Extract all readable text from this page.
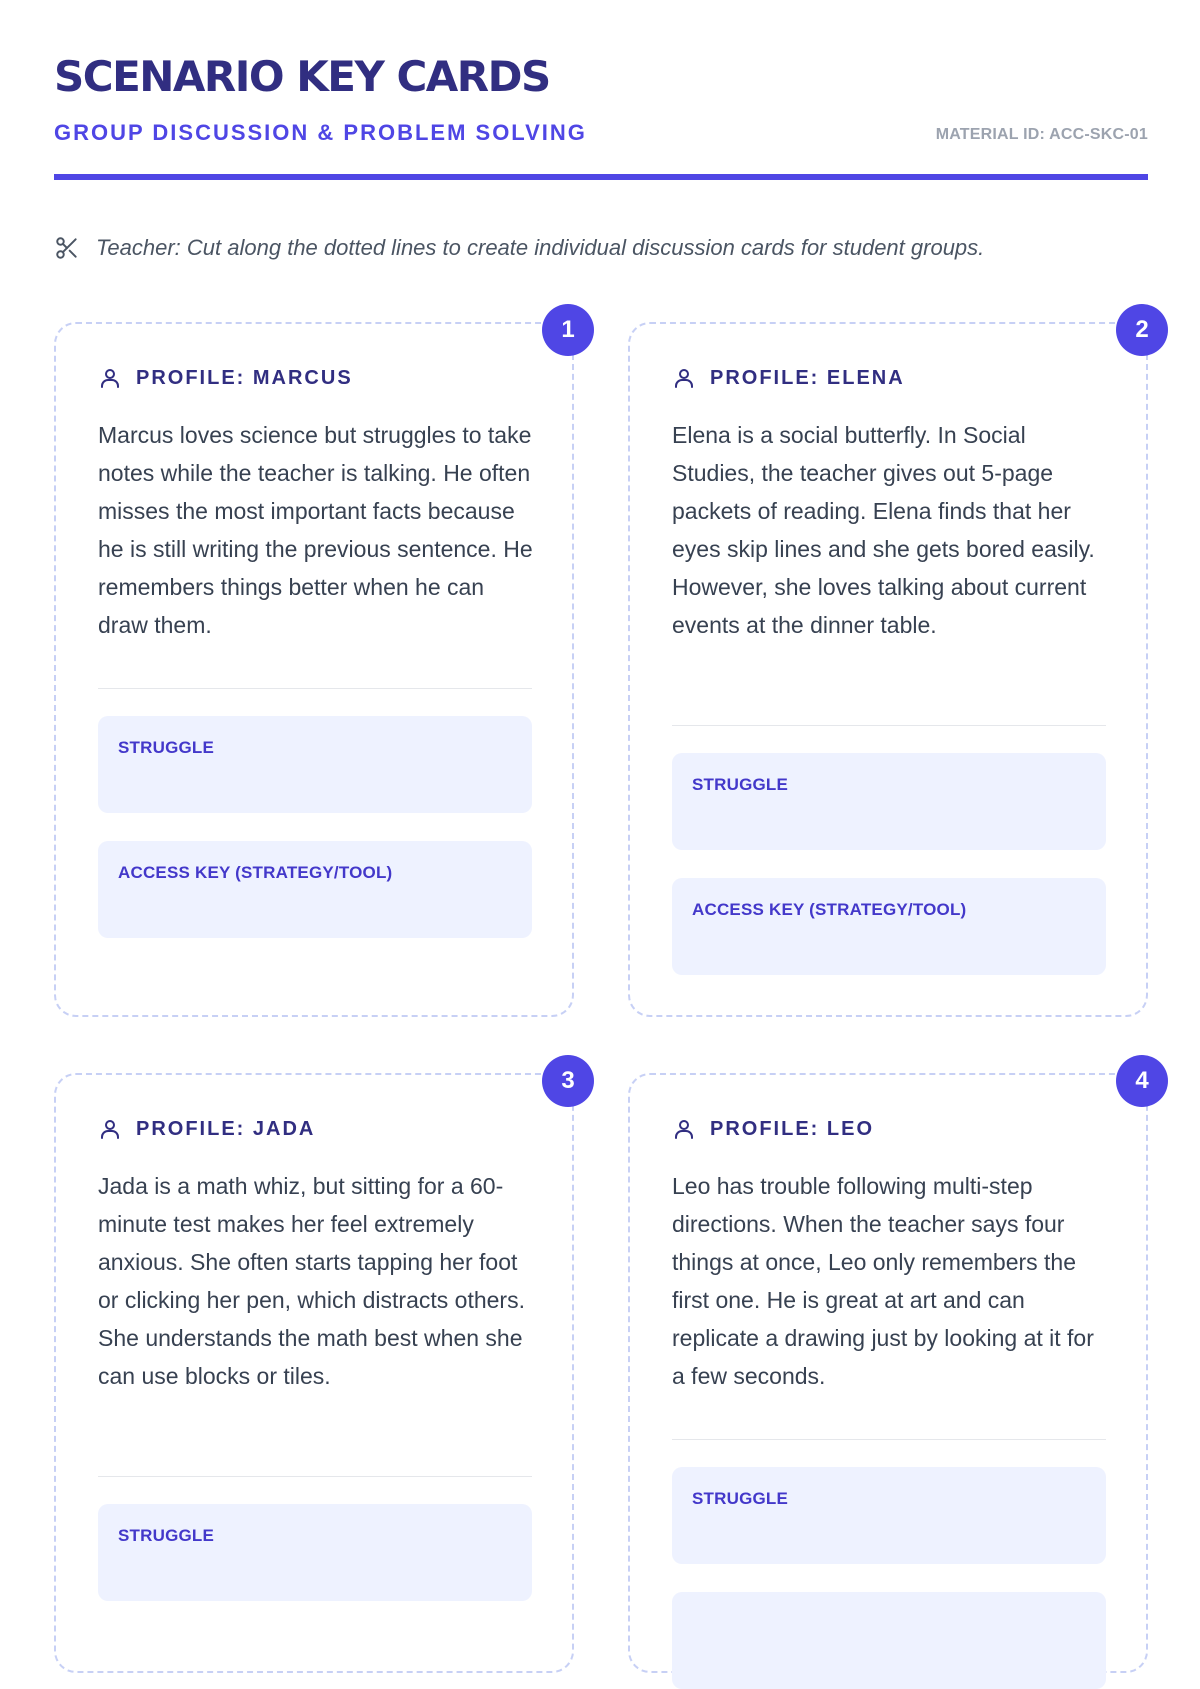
SCENARIO KEY CARDS
GROUP DISCUSSION & PROBLEM SOLVING	MATERIAL ID: ACC-SKC-01
Teacher: Cut along the dotted lines to create individual discussion cards for student groups.
1
PROFILE: MARCUS

Marcus loves science but struggles to take notes while the teacher is talking. He often misses the most important facts because he is still writing the previous sentence. He remembers things better when he can draw them.

STRUGGLE
ACCESS KEY (STRATEGY/TOOL)
2
PROFILE: ELENA

Elena is a social butterfly. In Social Studies, the teacher gives out 5-page packets of reading. Elena finds that her eyes skip lines and she gets bored easily. However, she loves talking about current events at the dinner table.

STRUGGLE
ACCESS KEY (STRATEGY/TOOL)
3
PROFILE: JADA

Jada is a math whiz, but sitting for a 60-minute test makes her feel extremely anxious. She often starts tapping her foot or clicking her pen, which distracts others. She understands the math best when she can use blocks or tiles.

STRUGGLE
4
PROFILE: LEO

Leo has trouble following multi-step directions. When the teacher says four things at once, Leo only remembers the first one. He is great at art and can replicate a drawing just by looking at it for a few seconds.

STRUGGLE
